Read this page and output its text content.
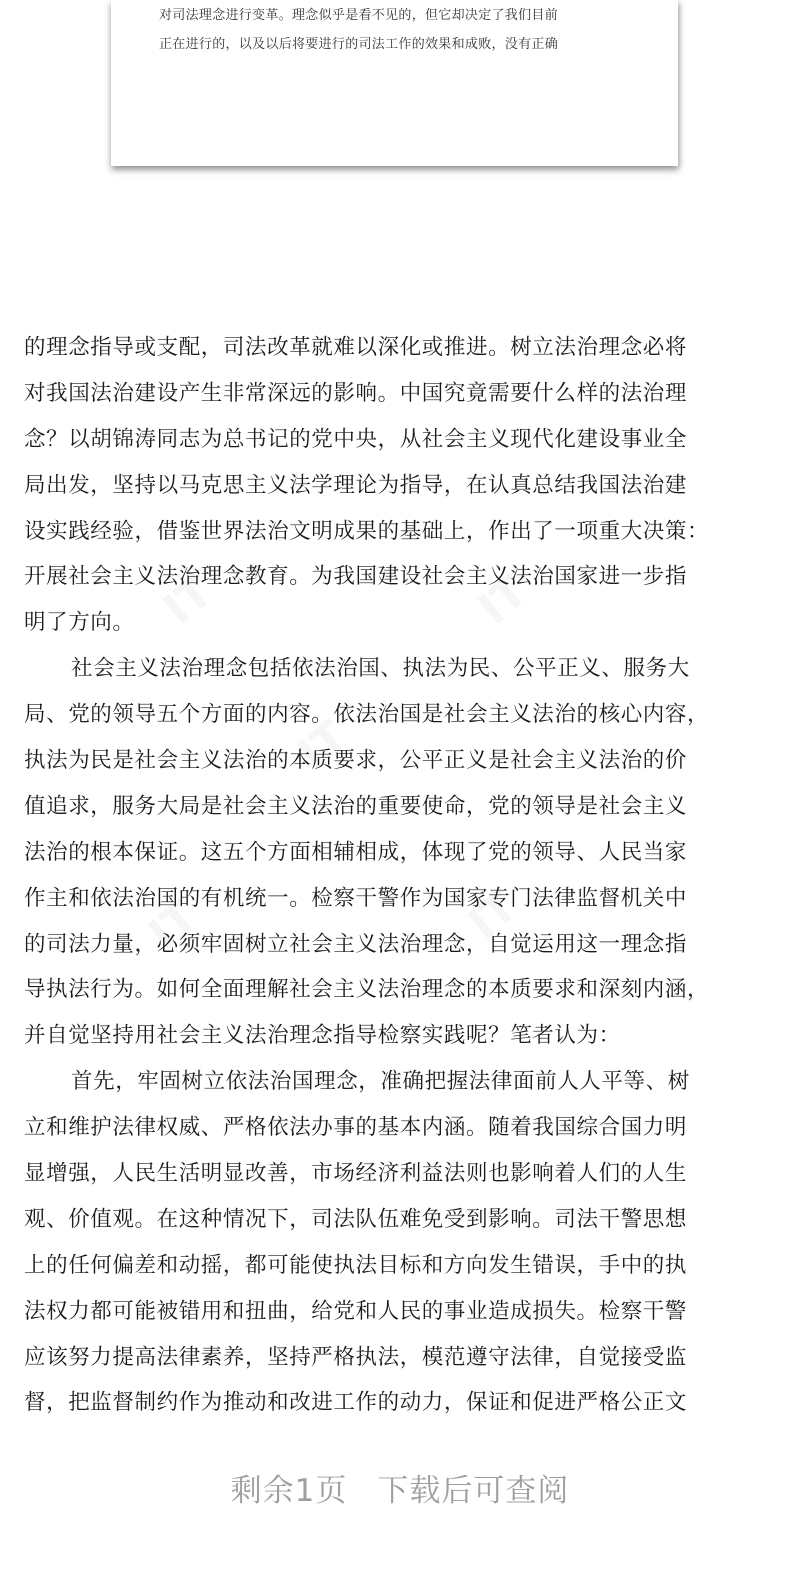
对司法理念进行变革。理念似乎是看不见的，但它却决定了我们目前
正在进行的，以及以后将要进行的司法工作的效果和成败，没有正确
的理念指导或支配，司法改革就难以深化或推进。树立法治理念必将
对我国法治建设产生非常深远的影响。中国究竟需要什么样的法治理
念？以胡锦涛同志为总书记的党中央，从社会主义现代化建设事业全
局出发，坚持以马克思主义法学理论为指导，在认真总结我国法治建
设实践经验，借鉴世界法治文明成果的基础上，作出了一项重大决策：
开展社会主义法治理念教育。为我国建设社会主义法治国家进一步指
明了方向。
社会主义法治理念包括依法治国、执法为民、公平正义、服务大
局、党的领导五个方面的内容。依法治国是社会主义法治的核心内容，
执法为民是社会主义法治的本质要求，公平正义是社会主义法治的价
值追求，服务大局是社会主义法治的重要使命，党的领导是社会主义
法治的根本保证。这五个方面相辅相成，体现了党的领导、人民当家
作主和依法治国的有机统一。检察干警作为国家专门法律监督机关中
的司法力量，必须牢固树立社会主义法治理念，自觉运用这一理念指
导执法行为。如何全面理解社会主义法治理念的本质要求和深刻内涵，
并自觉坚持用社会主义法治理念指导检察实践呢？笔者认为：
首先，牢固树立依法治国理念，准确把握法律面前人人平等、树
立和维护法律权威、严格依法办事的基本内涵。随着我国综合国力明
显增强，人民生活明显改善，市场经济利益法则也影响着人们的人生
观、价值观。在这种情况下，司法队伍难免受到影响。司法干警思想
上的任何偏差和动摇，都可能使执法目标和方向发生错误，手中的执
法权力都可能被错用和扭曲，给党和人民的事业造成损失。检察干警
应该努力提高法律素养，坚持严格执法，模范遵守法律，自觉接受监
督，把监督制约作为推动和改进工作的动力，保证和促进严格公正文
剩余1页 下载后可查阅
